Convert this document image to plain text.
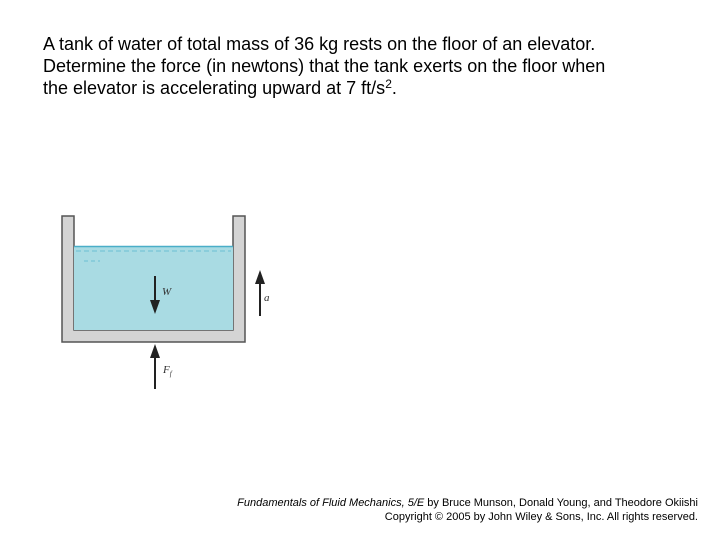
A tank of water of total mass of 36 kg rests on the floor of an elevator.
Determine the force (in newtons) that the tank exerts on the floor when
the elevator is accelerating upward at 7 $ft/s^2$.
W	a
$F_f$
Fundamentals of Fluid Mechanics, 5/E by Bruce Munson, Donald Young, and Theodore Okiishi
Copyright © 2005 by John Wiley & Sons, Inc. All rights reserved.
